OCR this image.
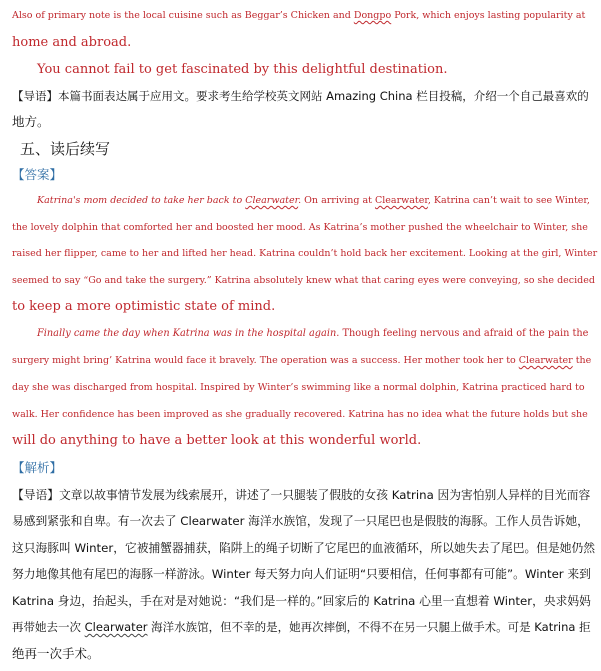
Also of primary note is the local cuisine such as Beggar’s Chicken and Dongpo Pork, which enjoys lasting popularity at
home and abroad.
You cannot fail to get fascinated by this delightful destination.
【导语】本篇书面表达属于应用文。要求考生给学校英文网站 Amazing China 栏目投稿，介绍一个自己最喜欢的
地方。
五、读后续写
【答案】
Katrina's mom decided to take her back to Clearwater. On arriving at Clearwater, Katrina can’t wait to see Winter,
the lovely dolphin that comforted her and boosted her mood. As Katrina’s mother pushed the wheelchair to Winter, she
raised her flipper, came to her and lifted her head. Katrina couldn’t hold back her excitement. Looking at the girl, Winter
seemed to say “Go and take the surgery.” Katrina absolutely knew what that caring eyes were conveying, so she decided
to keep a more optimistic state of mind.
Finally came the day when Katrina was in the hospital again. Though feeling nervous and afraid of the pain the
surgery might bring’ Katrina would face it bravely. The operation was a success. Her mother took her to Clearwater the
day she was discharged from hospital. Inspired by Winter’s swimming like a normal dolphin, Katrina practiced hard to
walk. Her confidence has been improved as she gradually recovered. Katrina has no idea what the future holds but she
will do anything to have a better look at this wonderful world.
【解析】
【导语】文章以故事情节发展为线索展开，讲述了一只腿装了假肢的女孩 Katrina 因为害怕别人异样的目光而容
易感到紧张和自卑。有一次去了 Clearwater 海洋水族馆，发现了一只尾巴也是假肢的海豚。工作人员告诉她，
这只海豚叫 Winter，它被捕蟹器捕获，陷阱上的绳子切断了它尾巴的血液循环，所以她失去了尾巴。但是她仍然
努力地像其他有尾巴的海豚一样游泳。Winter 每天努力向人们证明“只要相信，任何事都有可能”。Winter 来到
Katrina 身边，抬起头，手在对是对她说：“我们是一样的。”回家后的 Katrina 心里一直想着 Winter，央求妈妈
再带她去一次 Clearwater 海洋水族馆，但不幸的是，她再次摔倒，不得不在另一只腿上做手术。可是 Katrina 拒
绝再一次手术。
